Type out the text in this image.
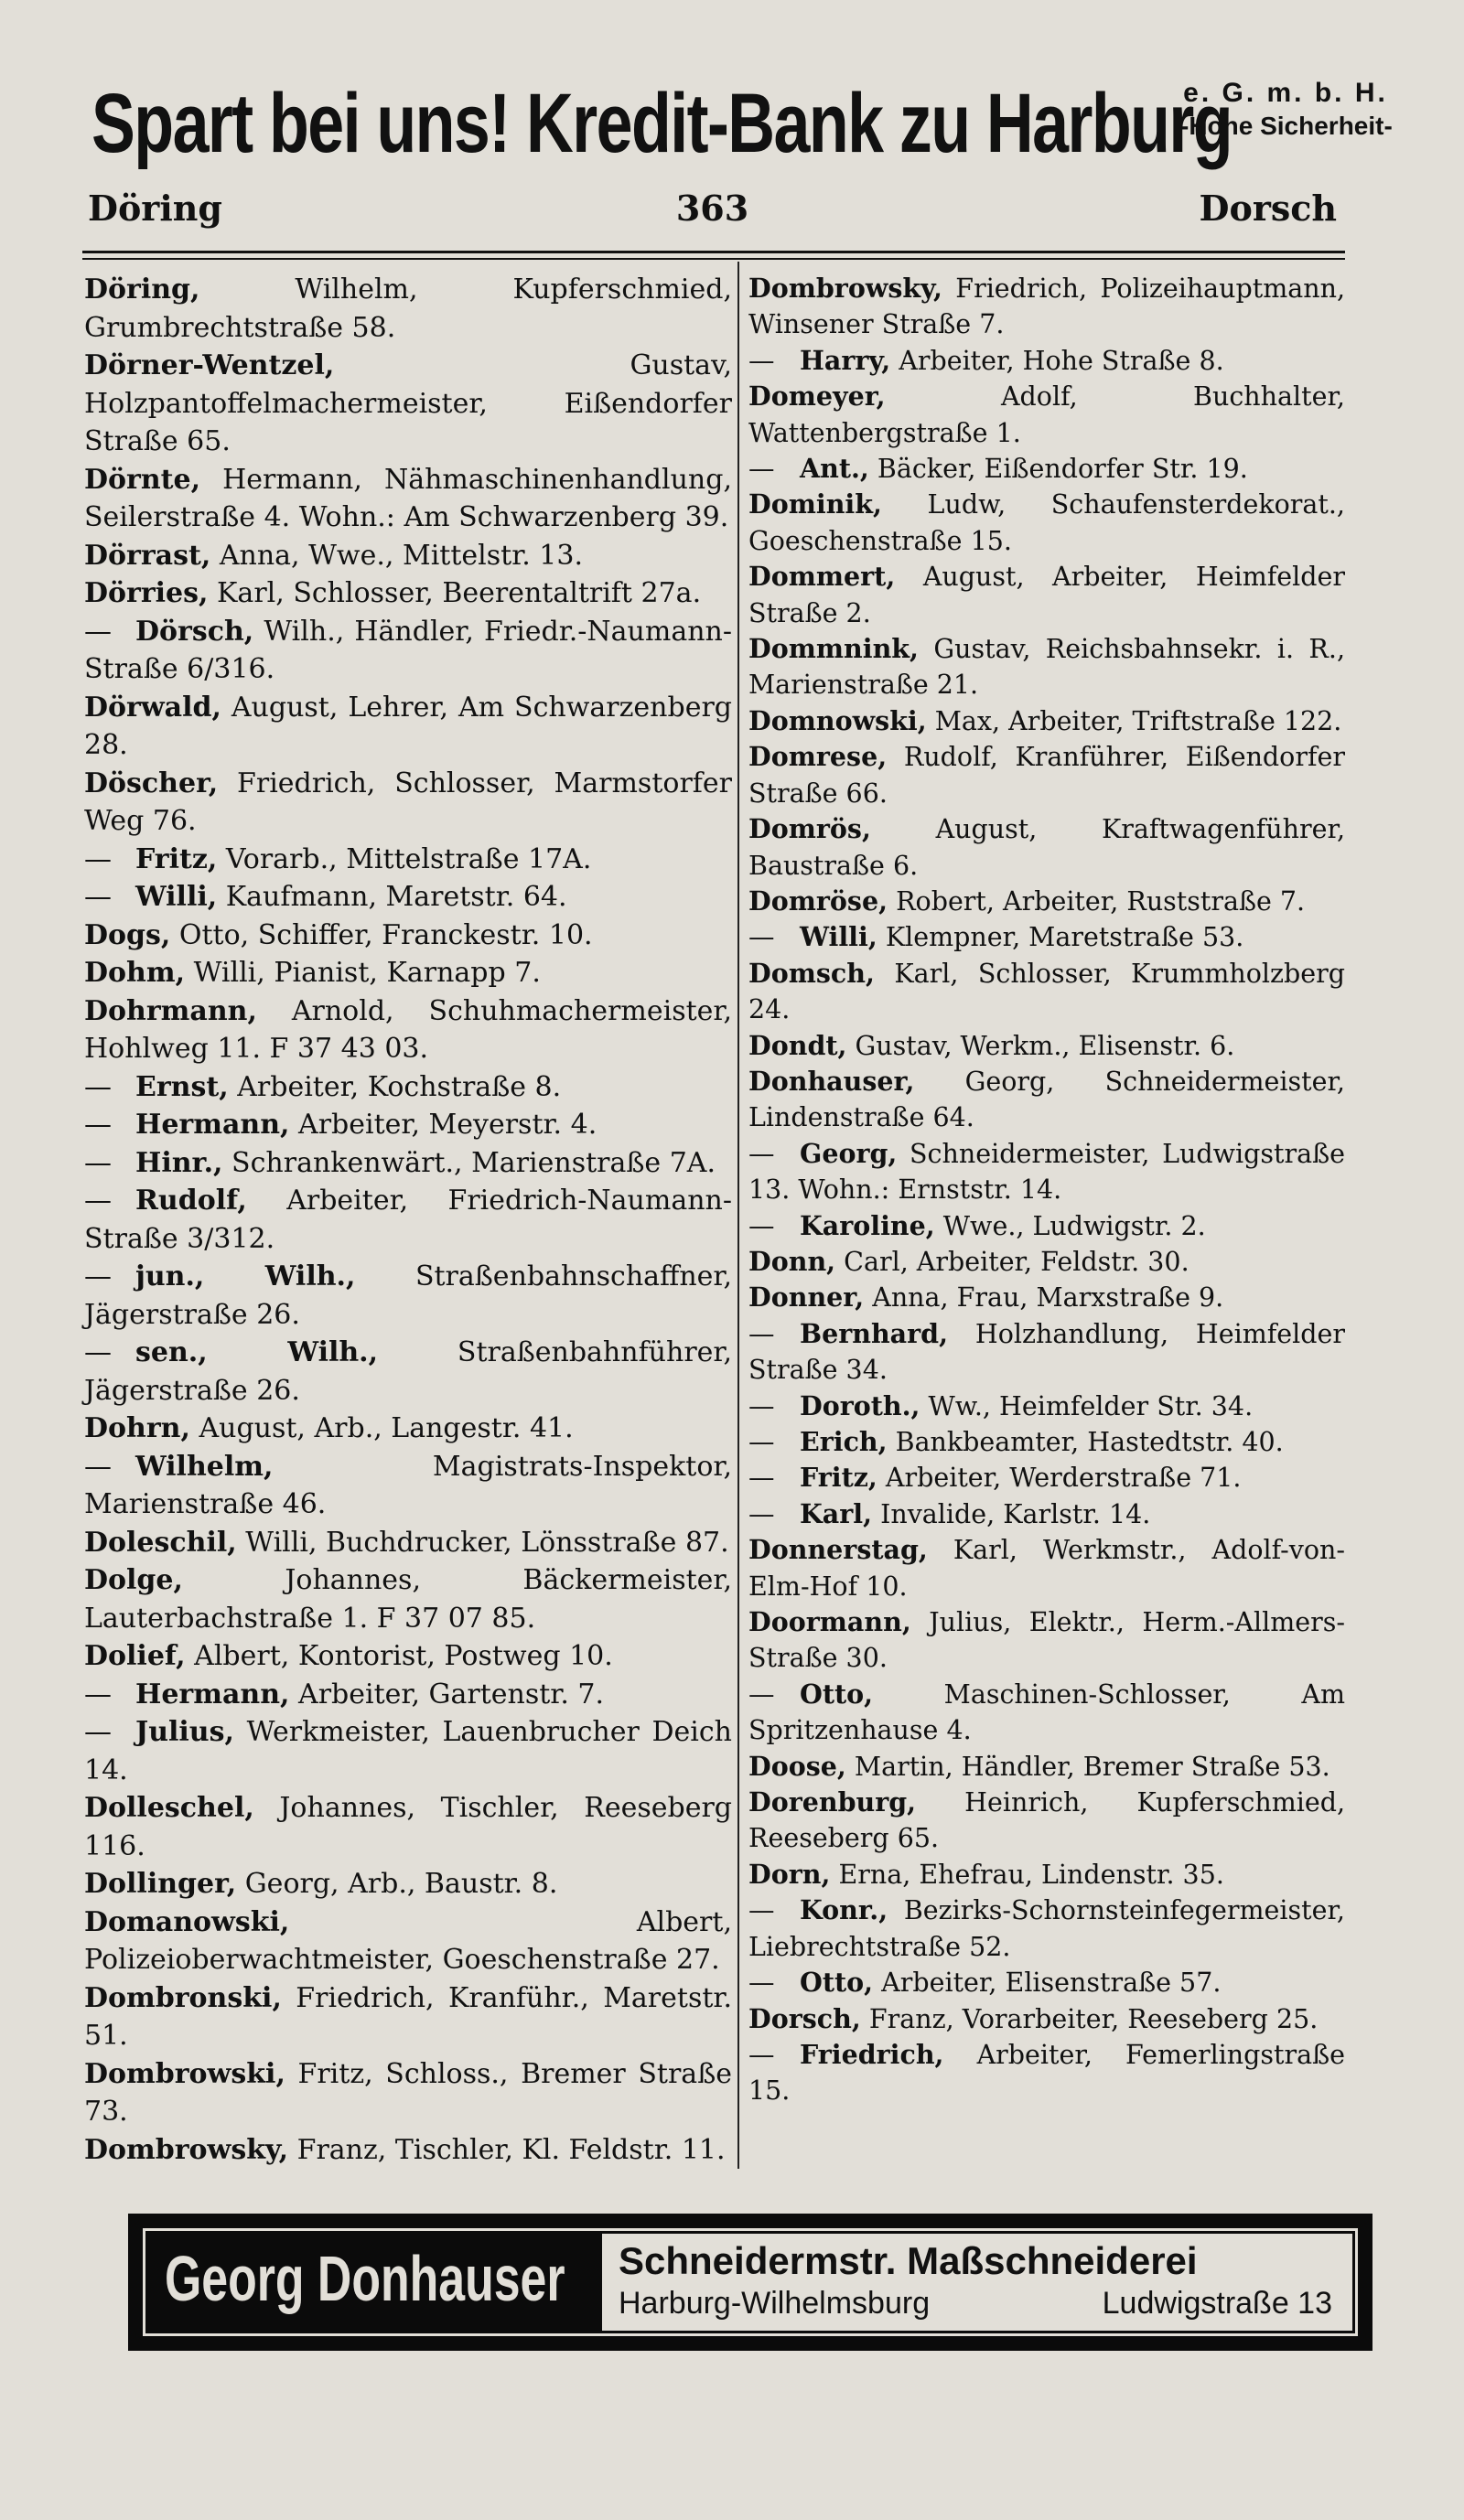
Spart bei uns! Kredit-Bank zu Harburg
e. G. m. b. H.
-Hohe Sicherheit-
363
Döring	Dorsch
Döring,	Wilhelm, Kupferschmied, Grumbrechtstraße 58.
Dörner-Wentzel,	Gustav, Holzpantoffelmachermeister, Eißendorfer Straße 65.
Dörnte, Hermann, Nähmaschinenhandlung, Seilerstraße 4. Wohn.: Am Schwarzenberg 39.
Dörrast, Anna, Wwe., Mittelstr. 13.
Dörries, Karl, Schlosser, Beerentaltrift 27a.
— Dörsch, Wilh., Händler, Friedr.-Naumann-Straße 6/316.
Dörwald, August, Lehrer, Am Schwarzenberg 28.
Döscher, Friedrich, Schlosser, Marmstorfer Weg 76.
— Fritz, Vorarb., Mittelstraße 17A.
— Willi, Kaufmann, Maretstr. 64.
Dogs, Otto, Schiffer, Franckestr. 10.
Dohm, Willi, Pianist, Karnapp 7.
Dohrmann, Arnold, Schuhmachermeister, Hohlweg 11. F 37 43 03.
— Ernst, Arbeiter, Kochstraße 8.
— Hermann, Arbeiter, Meyerstr. 4.
— Hinr., Schrankenwärt., Marienstraße 7A.
— Rudolf, Arbeiter, Friedrich-Naumann-Straße 3/312.
— jun., Wilh., Straßenbahnschaffner, Jägerstraße 26.
— sen., Wilh.,	Straßenbahnführer, Jägerstraße 26.
Dohrn, August, Arb., Langestr. 41.
— Wilhelm,	Magistrats-Inspektor, Marienstraße 46.
Doleschil, Willi, Buchdrucker, Lönsstraße 87.
Dolge,	Johannes, Bäckermeister, Lauterbachstraße 1. F 37 07 85.
Dolief, Albert, Kontorist, Postweg 10.
— Hermann, Arbeiter, Gartenstr. 7.
— Julius, Werkmeister, Lauenbrucher Deich 14.
Dolleschel, Johannes, Tischler, Reeseberg 116.
Dollinger, Georg, Arb., Baustr. 8.
Domanowski,	Albert, Polizeioberwachtmeister, Goeschenstraße 27.
Dombronski, Friedrich, Kranführ., Maretstr. 51.
Dombrowski, Fritz, Schloss., Bremer Straße 73.
Dombrowsky, Franz, Tischler, Kl. Feldstr. 11.
Dombrowsky, Friedrich, Polizeihauptmann, Winsener Straße 7.
— Harry, Arbeiter, Hohe Straße 8.
Domeyer,	Adolf, Buchhalter, Wattenbergstraße 1.
— Ant., Bäcker, Eißendorfer Str. 19.
Dominik, Ludw, Schaufensterdekorat., Goeschenstraße 15.
Dommert, August, Arbeiter, Heimfelder Straße 2.
Dommnink, Gustav, Reichsbahnsekr. i. R., Marienstraße 21.
Domnowski, Max, Arbeiter, Triftstraße 122.
Domrese, Rudolf, Kranführer, Eißendorfer Straße 66.
Domrös, August, Kraftwagenführer, Baustraße 6.
Domröse, Robert, Arbeiter, Ruststraße 7.
— Willi, Klempner, Maretstraße 53.
Domsch, Karl, Schlosser, Krummholzberg 24.
Dondt, Gustav, Werkm., Elisenstr. 6.
Donhauser, Georg, Schneidermeister, Lindenstraße 64.
— Georg, Schneidermeister, Ludwigstraße 13. Wohn.: Ernststr. 14.
— Karoline, Wwe., Ludwigstr. 2.
Donn, Carl, Arbeiter, Feldstr. 30.
Donner, Anna, Frau, Marxstraße 9.
— Bernhard, Holzhandlung, Heimfelder Straße 34.
— Doroth., Ww., Heimfelder Str. 34.
— Erich, Bankbeamter, Hastedtstr. 40.
— Fritz, Arbeiter, Werderstraße 71.
— Karl, Invalide, Karlstr. 14.
Donnerstag, Karl, Werkmstr., Adolf-von-Elm-Hof 10.
Doormann, Julius, Elektr., Herm.-Allmers-Straße 30.
— Otto,	Maschinen-Schlosser, Am Spritzenhause 4.
Doose, Martin, Händler, Bremer Straße 53.
Dorenburg, Heinrich, Kupferschmied, Reeseberg 65.
Dorn, Erna, Ehefrau, Lindenstr. 35.
— Konr., Bezirks-Schornsteinfegermeister, Liebrechtstraße 52.
— Otto, Arbeiter, Elisenstraße 57.
Dorsch, Franz, Vorarbeiter, Reeseberg 25.
— Friedrich, Arbeiter, Femerlingstraße 15.
Georg Donhauser Schneidermstr. Maßschneiderei
Harburg-Wilhelmsburg	Ludwigstraße 13
